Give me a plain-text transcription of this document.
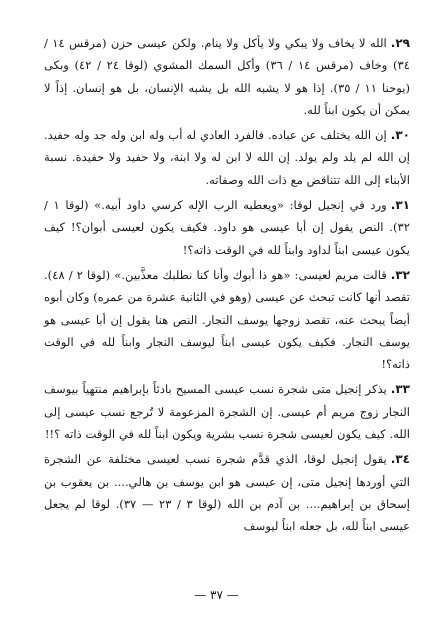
٢٩.الله لا يخاف ولا يبكي ولا يأكل ولا ينام. ولكن عيسى حزن (مرقس ١٤ / ٣٤) وخاف (مرقس ١٤ / ٣٦) وأكل السمك المشوي (لوقا ٢٤ / ٤٢) وبكى (يوحنا ١١ / ٣٥). إذا هو لا يشبه الله بل يشبه الإنسان، بل هو إنسان. إذاً لا يمكن أن يكون ابناً لله.

٣٠.إن الله يختلف عن عباده. فالفرد العادي له أب وله ابن وله جد وله حفيد. إن الله لم يلد ولم يولد. إن الله لا ابن له ولا ابنة، ولا حفيد ولا حفيدة. نسبة الأبناء إلى الله تتناقض مع ذات الله وصفاته.

٣١.ورد في إنجيل لوقا: «ويعطيه الرب الإله كرسي داود أبيه.» (لوقا ١ / ٣٢). النص يقول إن أبا عيسى هو داود. فكيف يكون لعيسى أبوان؟! كيف يكون عيسى ابناً لداود وابناً لله في الوقت ذاته؟!

٣٢.قالت مريم لعيسى: «هو ذا أبوك وأنا كنا نطلبك معذَّبين.» (لوقا ٢ / ٤٨). تقصد أنها كانت تبحث عن عيسى (وهو في الثانية عشرة من عمره) وكان أبوه أيضاً يبحث عنه، تقصد زوجها يوسف النجار. النص هنا يقول إن أبا عيسى هو يوسف النجار. فكيف يكون عيسى ابناً ليوسف النجار وابناً لله في الوقت ذاته؟!

٣٣.يذكر إنجيل متى شجرة نسب عيسى المسيح بادئاً بإبراهيم منتهياً بيوسف النجار زوج مريم أم عيسى. إن الشجرة المزعومة لا تُرجع نسب عيسى إلى الله. كيف يكون لعيسى شجرة نسب بشرية ويكون ابناً لله في الوقت ذاته ؟!!

٣٤.يقول إنجيل لوقا، الذي قدَّم شجرة نسب لعيسى مختلفة عن الشجرة التي أوردها إنجيل متى، إن عيسى هو ابن يوسف بن هالي.... بن يعقوب بن إسحاق بن إبراهيم.... بن آدم بن الله (لوقا ٣ / ٢٣ — ٣٧). لوقا لم يجعل عيسى ابناً لله، بل جعله ابناً ليوسف

— ٣٧ —
